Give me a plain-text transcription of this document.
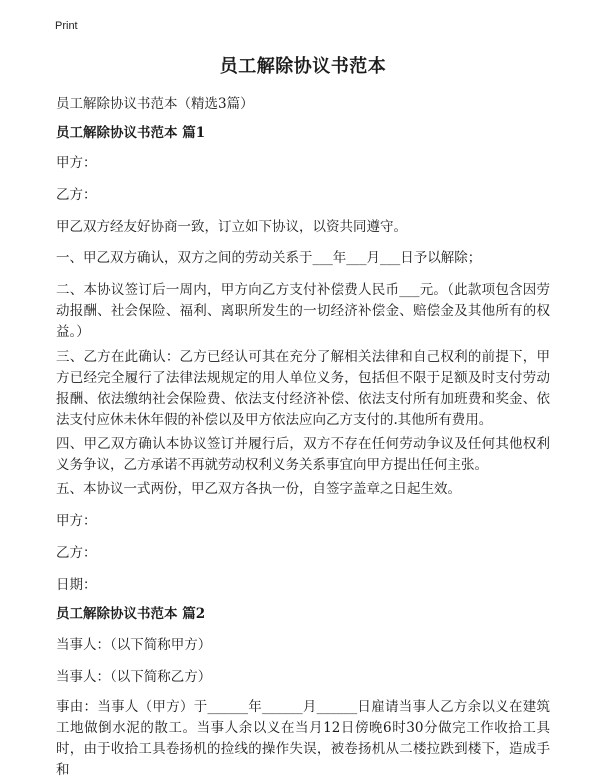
Print
员工解除协议书范本

员工解除协议书范本（精选3篇）

员工解除协议书范本 篇1

甲方：

乙方：

甲乙双方经友好协商一致，订立如下协议，以资共同遵守。

一、甲乙双方确认，双方之间的劳动关系于___年___月___日予以解除；

二、本协议签订后一周内，甲方向乙方支付补偿费人民币___元。（此款项包含因劳动报酬、社会保险、福利、离职所发生的一切经济补偿金、赔偿金及其他所有的权益。）

三、乙方在此确认：乙方已经认可其在充分了解相关法律和自己权利的前提下，甲方已经完全履行了法律法规规定的用人单位义务，包括但不限于足额及时支付劳动报酬、依法缴纳社会保险费、依法支付经济补偿、依法支付所有加班费和奖金、依法支付应休未休年假的补偿以及甲方依法应向乙方支付的.其他所有费用。

四、甲乙双方确认本协议签订并履行后，双方不存在任何劳动争议及任何其他权利义务争议，乙方承诺不再就劳动权利义务关系事宜向甲方提出任何主张。

五、本协议一式两份，甲乙双方各执一份，自签字盖章之日起生效。

甲方：

乙方：

日期：

员工解除协议书范本 篇2

当事人：（以下简称甲方）

当事人：（以下简称乙方）

事由：当事人（甲方）于______年______月______日雇请当事人乙方余以义在建筑工地做倒水泥的散工。当事人余以义在当月12日傍晚6时30分做完工作收拾工具时，由于收拾工具卷扬机的捡线的操作失误，被卷扬机从二楼拉跌到楼下，造成手和
